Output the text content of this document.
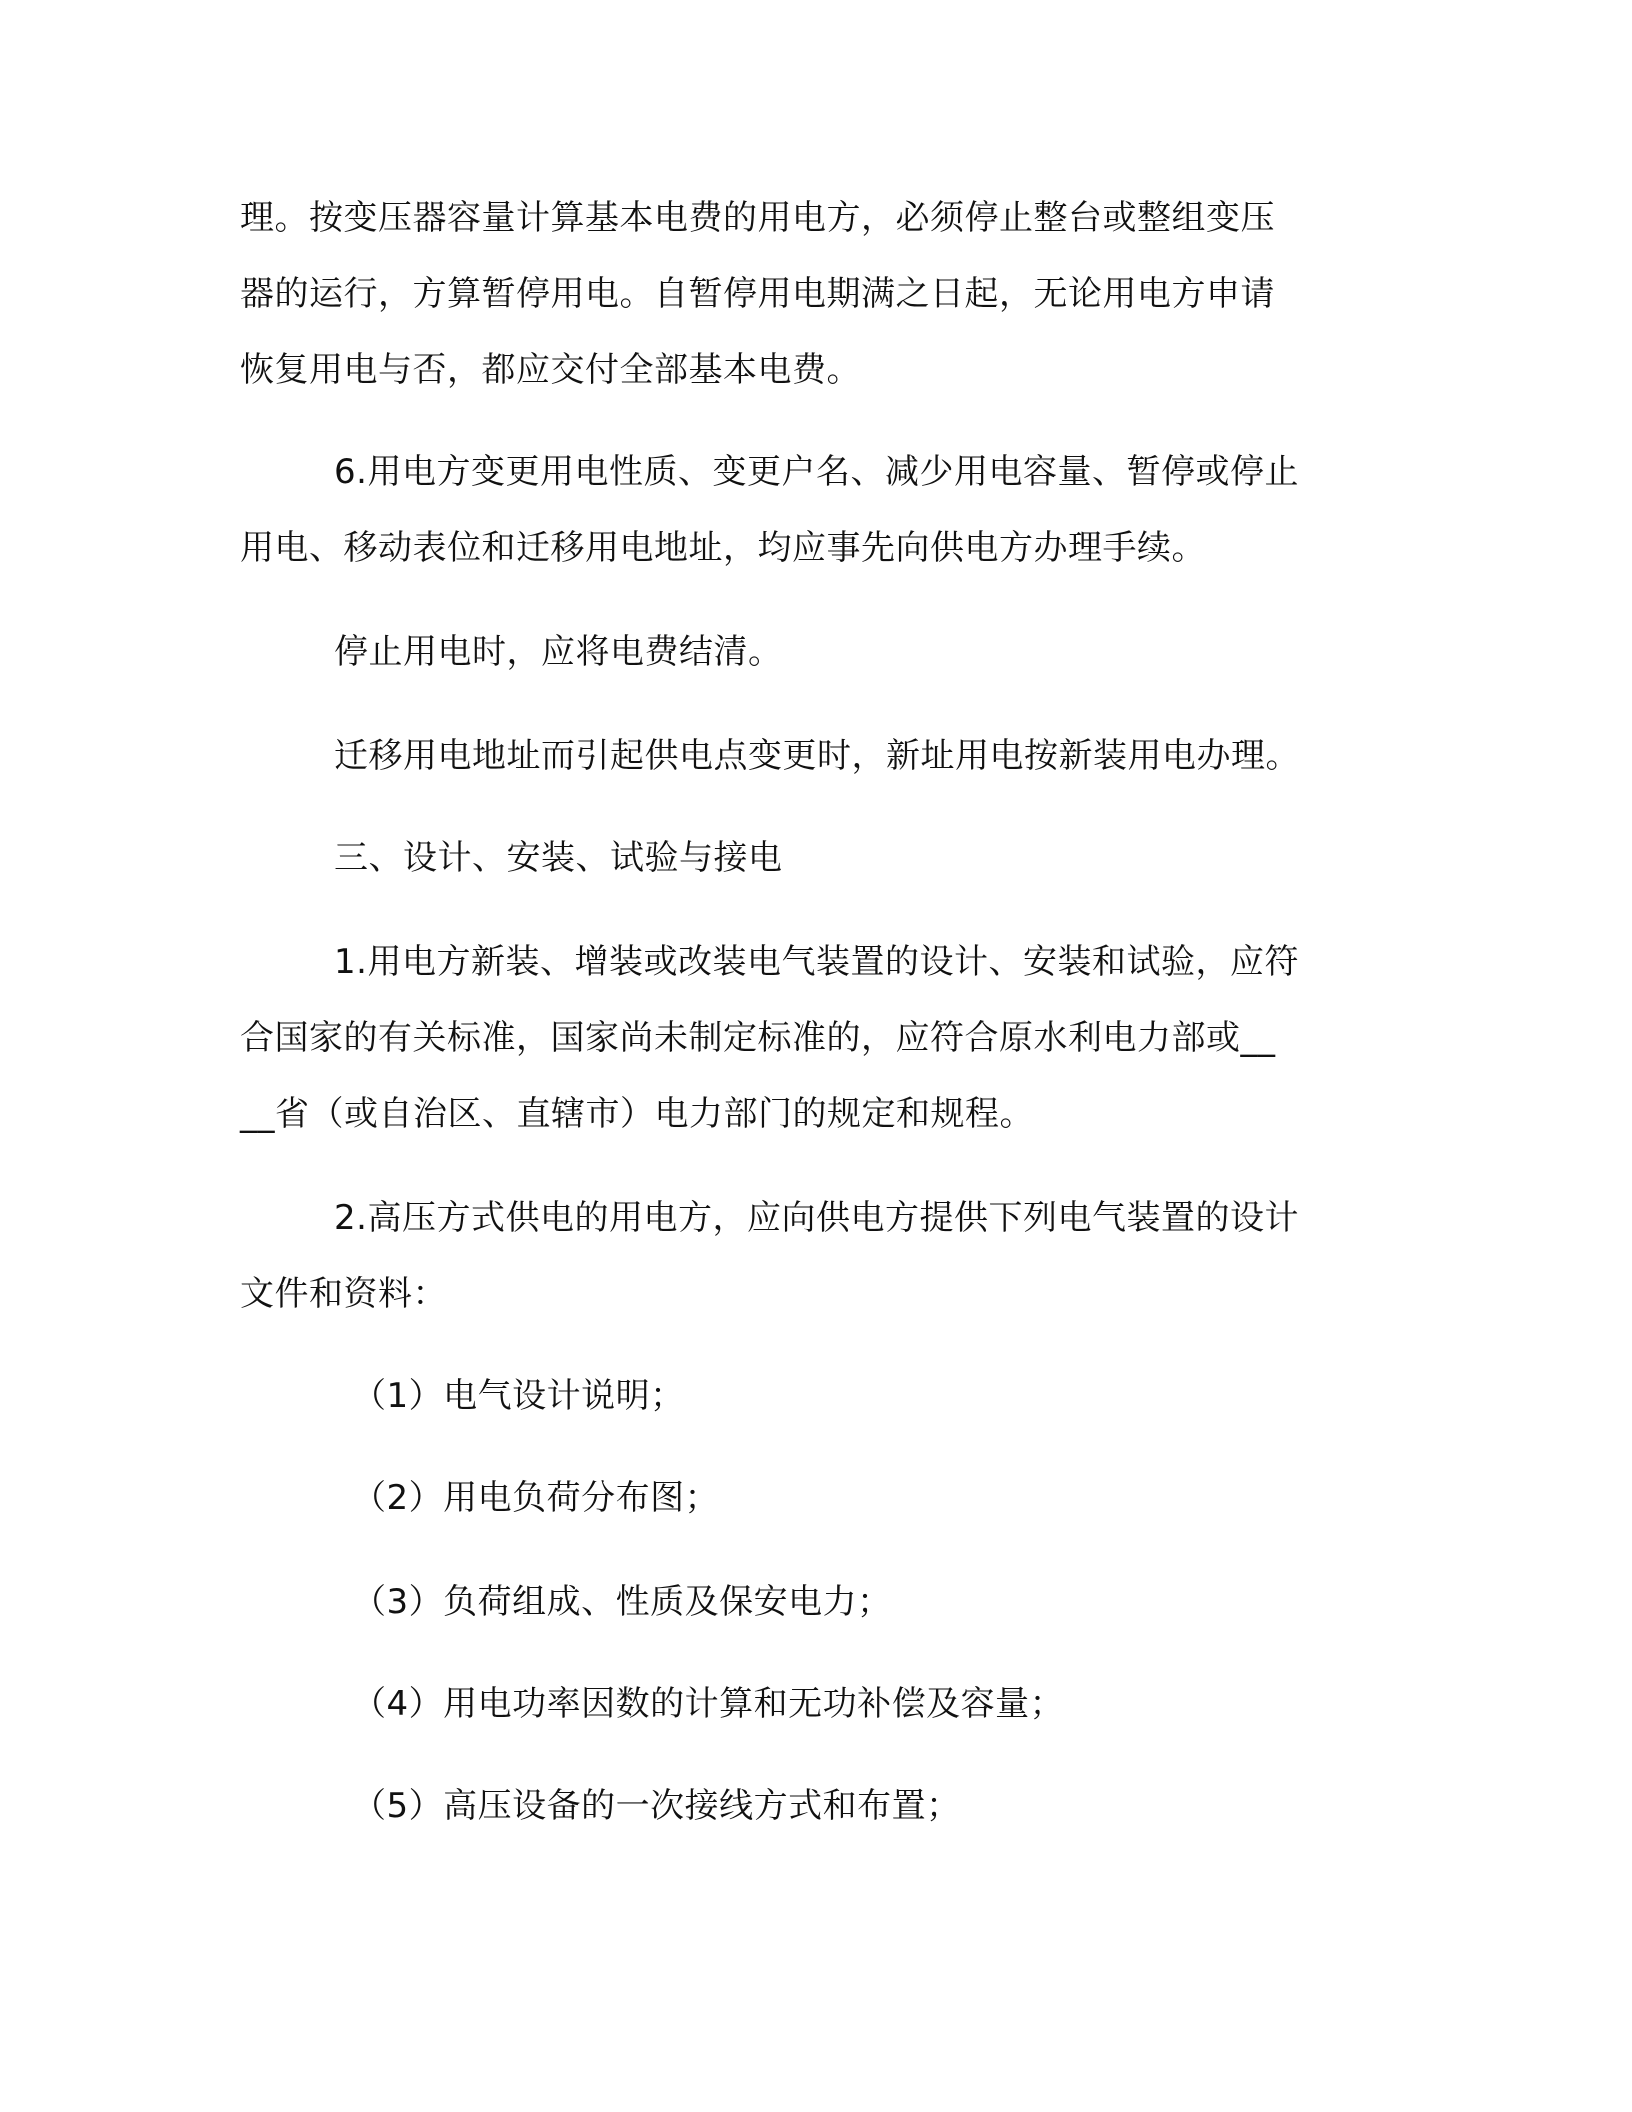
理。按变压器容量计算基本电费的用电方，必须停止整台或整组变压
器的运行，方算暂停用电。自暂停用电期满之日起，无论用电方申请
恢复用电与否，都应交付全部基本电费。
6.用电方变更用电性质、变更户名、减少用电容量、暂停或停止
用电、移动表位和迁移用电地址，均应事先向供电方办理手续。
停止用电时，应将电费结清。
迁移用电地址而引起供电点变更时，新址用电按新装用电办理。
三、设计、安装、试验与接电
1.用电方新装、增装或改装电气装置的设计、安装和试验，应符
合国家的有关标准，国家尚未制定标准的，应符合原水利电力部或__
__省（或自治区、直辖市）电力部门的规定和规程。
2.高压方式供电的用电方，应向供电方提供下列电气装置的设计
文件和资料：
（1）电气设计说明；
（2）用电负荷分布图；
（3）负荷组成、性质及保安电力；
（4）用电功率因数的计算和无功补偿及容量；
（5）高压设备的一次接线方式和布置；
